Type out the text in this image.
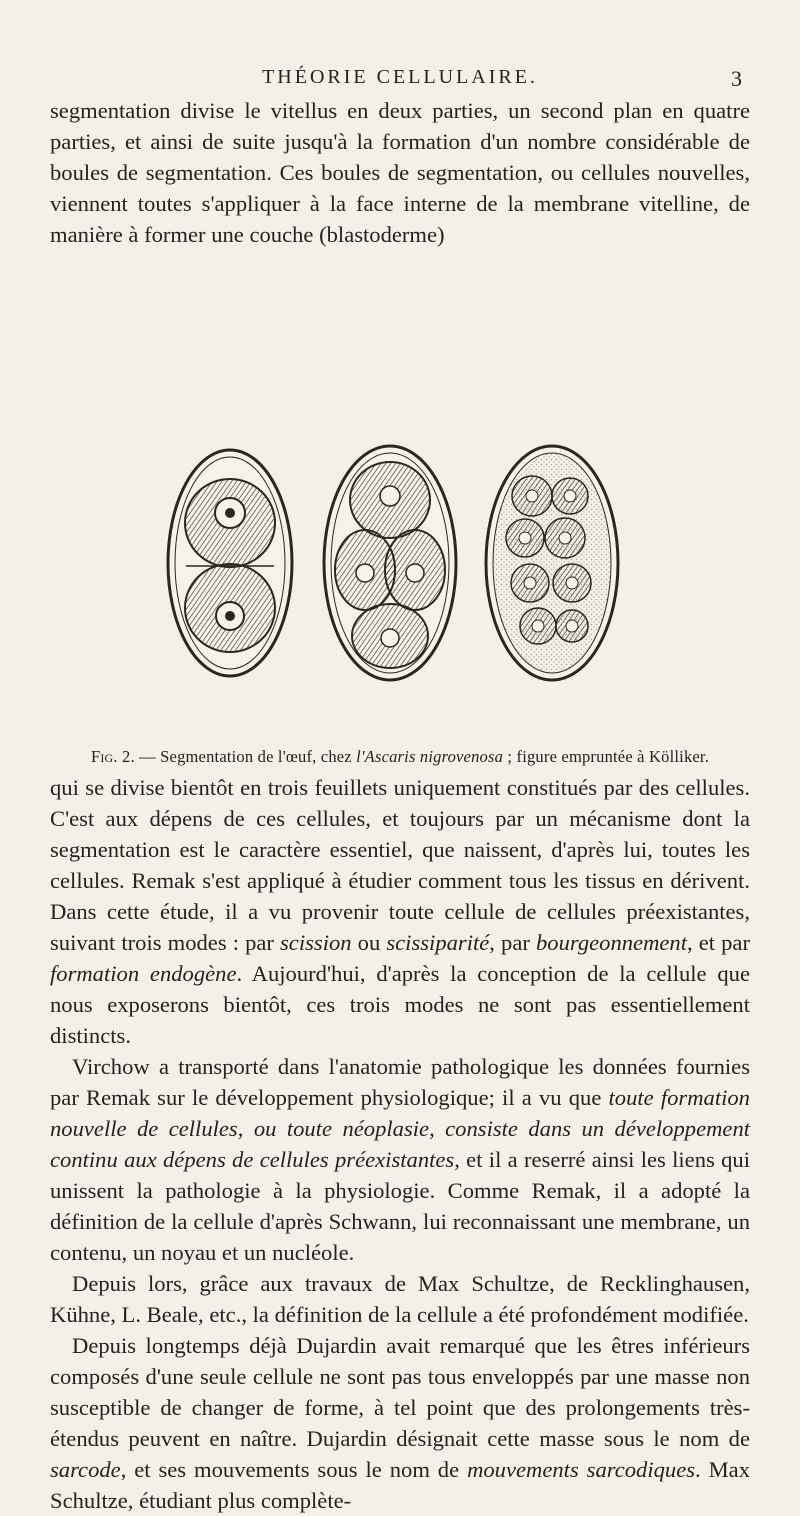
THÉORIE CELLULAIRE.	3

segmentation divise le vitellus en deux parties, un second plan en quatre parties, et ainsi de suite jusqu'à la formation d'un nombre considérable de boules de segmentation. Ces boules de segmentation, ou cellules nouvelles, viennent toutes s'appliquer à la face interne de la membrane vitelline, de manière à former une couche (blastoderme)

Fig. 2. — Segmentation de l'œuf, chez l'Ascaris nigrovenosa ; figure empruntée à Kölliker.

qui se divise bientôt en trois feuillets uniquement constitués par des cellules. C'est aux dépens de ces cellules, et toujours par un mécanisme dont la segmentation est le caractère essentiel, que naissent, d'après lui, toutes les cellules. Remak s'est appliqué à étudier comment tous les tissus en dérivent. Dans cette étude, il a vu provenir toute cellule de cellules préexistantes, suivant trois modes : par scission ou scissiparité, par bourgeonnement, et par formation endogène. Aujourd'hui, d'après la conception de la cellule que nous exposerons bientôt, ces trois modes ne sont pas essentiellement distincts.

Virchow a transporté dans l'anatomie pathologique les données fournies par Remak sur le développement physiologique; il a vu que toute formation nouvelle de cellules, ou toute néoplasie, consiste dans un développement continu aux dépens de cellules préexistantes, et il a reserré ainsi les liens qui unissent la pathologie à la physiologie. Comme Remak, il a adopté la définition de la cellule d'après Schwann, lui reconnaissant une membrane, un contenu, un noyau et un nucléole.

Depuis lors, grâce aux travaux de Max Schultze, de Recklinghausen, Kühne, L. Beale, etc., la définition de la cellule a été profondément modifiée.

Depuis longtemps déjà Dujardin avait remarqué que les êtres inférieurs composés d'une seule cellule ne sont pas tous enveloppés par une masse non susceptible de changer de forme, à tel point que des prolongements très-étendus peuvent en naître. Dujardin désignait cette masse sous le nom de sarcode, et ses mouvements sous le nom de mouvements sarcodiques. Max Schultze, étudiant plus complète-
